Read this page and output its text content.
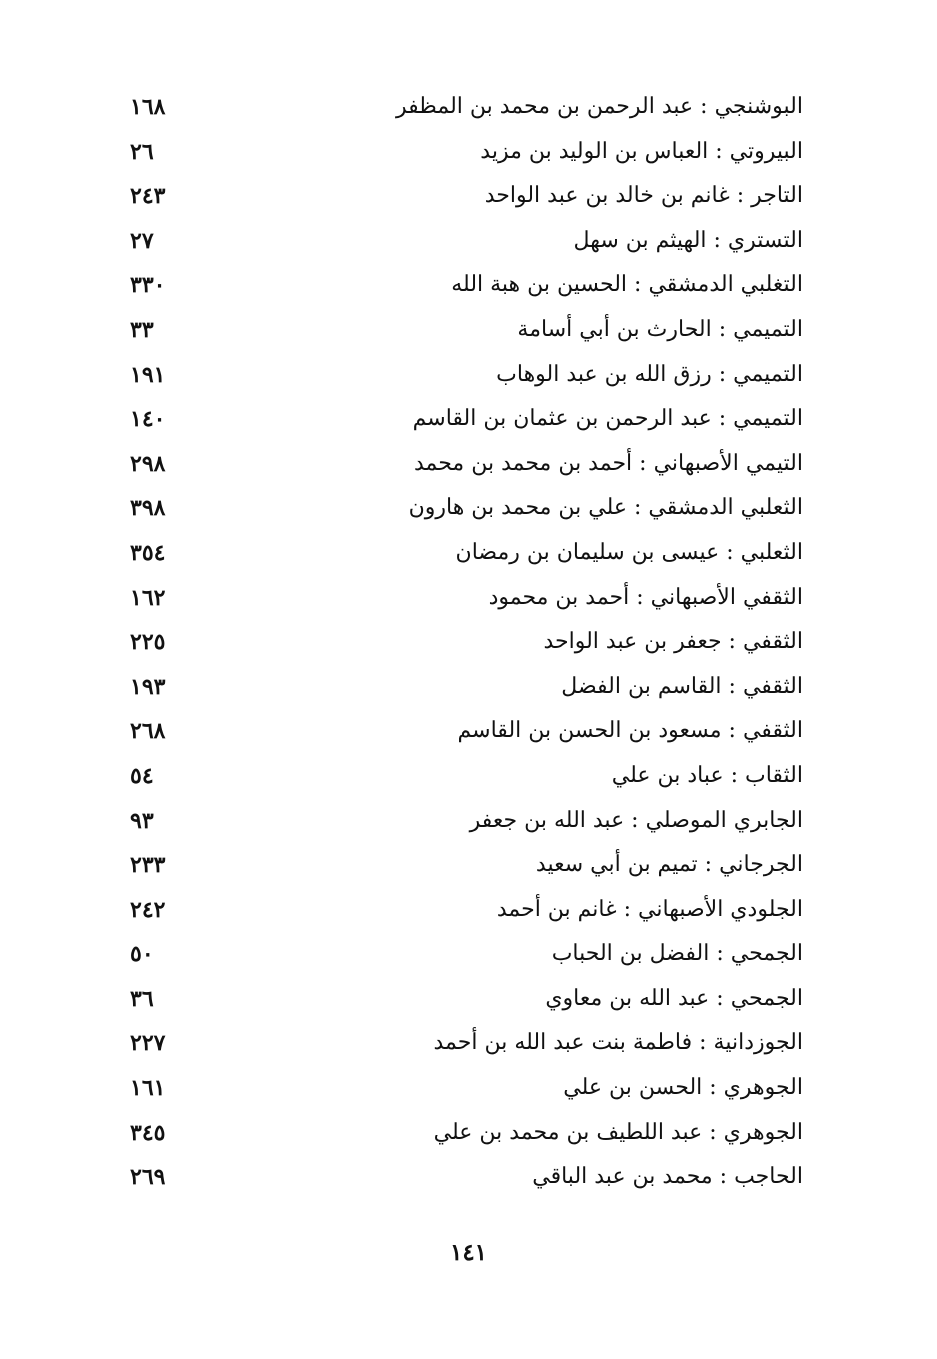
البوشنجي : عبد الرحمن بن محمد بن المظفر
١٦٨
البيروتي : العباس بن الوليد بن مزيد
٢٦
التاجر : غانم بن خالد بن عبد الواحد
٢٤٣
التستري : الهيثم بن سهل
٢٧
التغلبي الدمشقي : الحسين بن هبة الله
٣٣٠
التميمي : الحارث بن أبي أسامة
٣٣
التميمي : رزق الله بن عبد الوهاب
١٩١
التميمي : عبد الرحمن بن عثمان بن القاسم
١٤٠
التيمي الأصبهاني : أحمد بن محمد بن محمد
٢٩٨
الثعلبي الدمشقي : علي بن محمد بن هارون
٣٩٨
الثعلبي : عيسى بن سليمان بن رمضان
٣٥٤
الثقفي الأصبهاني : أحمد بن محمود
١٦٢
الثقفي : جعفر بن عبد الواحد
٢٢٥
الثقفي : القاسم بن الفضل
١٩٣
الثقفي : مسعود بن الحسن بن القاسم
٢٦٨
الثقاب : عباد بن علي
٥٤
الجابري الموصلي : عبد الله بن جعفر
٩٣
الجرجاني : تميم بن أبي سعيد
٢٣٣
الجلودي الأصبهاني : غانم بن أحمد
٢٤٢
الجمحي : الفضل بن الحباب
٥٠
الجمحي : عبد الله بن معاوي
٣٦
الجوزدانية : فاطمة بنت عبد الله بن أحمد
٢٢٧
الجوهري : الحسن بن علي
١٦١
الجوهري : عبد اللطيف بن محمد بن علي
٣٤٥
الحاجب : محمد بن عبد الباقي
٢٦٩
١٤١
